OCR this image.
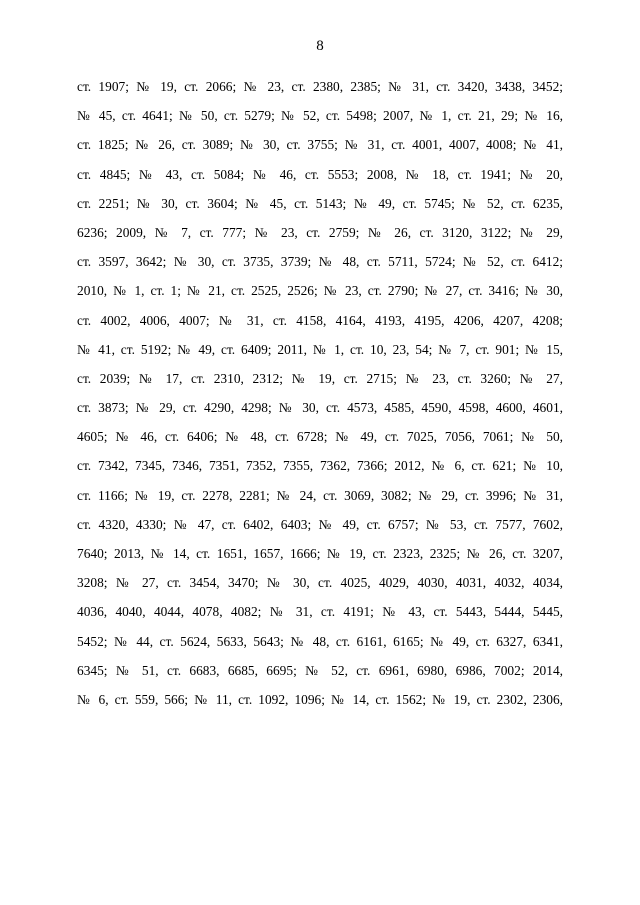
8
ст. 1907; № 19, ст. 2066; № 23, ст. 2380, 2385; № 31, ст. 3420, 3438, 3452;
№ 45, ст. 4641; № 50, ст. 5279; № 52, ст. 5498; 2007, № 1, ст. 21, 29; № 16,
ст. 1825; № 26, ст. 3089; № 30, ст. 3755; № 31, ст. 4001, 4007, 4008; № 41,
ст. 4845; № 43, ст. 5084; № 46, ст. 5553; 2008, № 18, ст. 1941; № 20,
ст. 2251; № 30, ст. 3604; № 45, ст. 5143; № 49, ст. 5745; № 52, ст. 6235,
6236; 2009, № 7, ст. 777; № 23, ст. 2759; № 26, ст. 3120, 3122; № 29,
ст. 3597, 3642; № 30, ст. 3735, 3739; № 48, ст. 5711, 5724; № 52, ст. 6412;
2010, № 1, ст. 1; № 21, ст. 2525, 2526; № 23, ст. 2790; № 27, ст. 3416; № 30,
ст. 4002, 4006, 4007; № 31, ст. 4158, 4164, 4193, 4195, 4206, 4207, 4208;
№ 41, ст. 5192; № 49, ст. 6409; 2011, № 1, ст. 10, 23, 54; № 7, ст. 901; № 15,
ст. 2039; № 17, ст. 2310, 2312; № 19, ст. 2715; № 23, ст. 3260; № 27,
ст. 3873; № 29, ст. 4290, 4298; № 30, ст. 4573, 4585, 4590, 4598, 4600, 4601,
4605; № 46, ст. 6406; № 48, ст. 6728; № 49, ст. 7025, 7056, 7061; № 50,
ст. 7342, 7345, 7346, 7351, 7352, 7355, 7362, 7366; 2012, № 6, ст. 621; № 10,
ст. 1166; № 19, ст. 2278, 2281; № 24, ст. 3069, 3082; № 29, ст. 3996; № 31,
ст. 4320, 4330; № 47, ст. 6402, 6403; № 49, ст. 6757; № 53, ст. 7577, 7602,
7640; 2013, № 14, ст. 1651, 1657, 1666; № 19, ст. 2323, 2325; № 26, ст. 3207,
3208; № 27, ст. 3454, 3470; № 30, ст. 4025, 4029, 4030, 4031, 4032, 4034,
4036, 4040, 4044, 4078, 4082; № 31, ст. 4191; № 43, ст. 5443, 5444, 5445,
5452; № 44, ст. 5624, 5633, 5643; № 48, ст. 6161, 6165; № 49, ст. 6327, 6341,
6345; № 51, ст. 6683, 6685, 6695; № 52, ст. 6961, 6980, 6986, 7002; 2014,
№ 6, ст. 559, 566; № 11, ст. 1092, 1096; № 14, ст. 1562; № 19, ст. 2302, 2306,
